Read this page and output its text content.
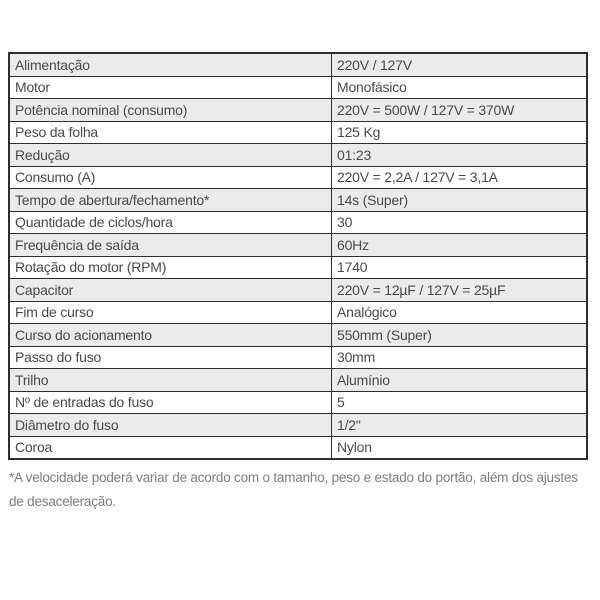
Alimentação	220V / 127V
Motor	Monofásico
Potência nominal (consumo)	220V = 500W / 127V = 370W
Peso da folha	125 Kg
Redução	01:23
Consumo (A)	220V = 2,2A / 127V = 3,1A
Tempo de abertura/fechamento*	14s (Super)
Quantidade de ciclos/hora	30
Frequência de saída	60Hz
Rotação do motor (RPM)	1740
Capacitor	220V = 12µF / 127V = 25µF
Fim de curso	Analógico
Curso do acionamento	550mm (Super)
Passo do fuso	30mm
Trilho	Alumínio
Nº de entradas do fuso	5
Diâmetro do fuso	1/2"
Coroa	Nylon

*A velocidade poderá variar de acordo com o tamanho, peso e estado do portão, além dos ajustes de desaceleração.
